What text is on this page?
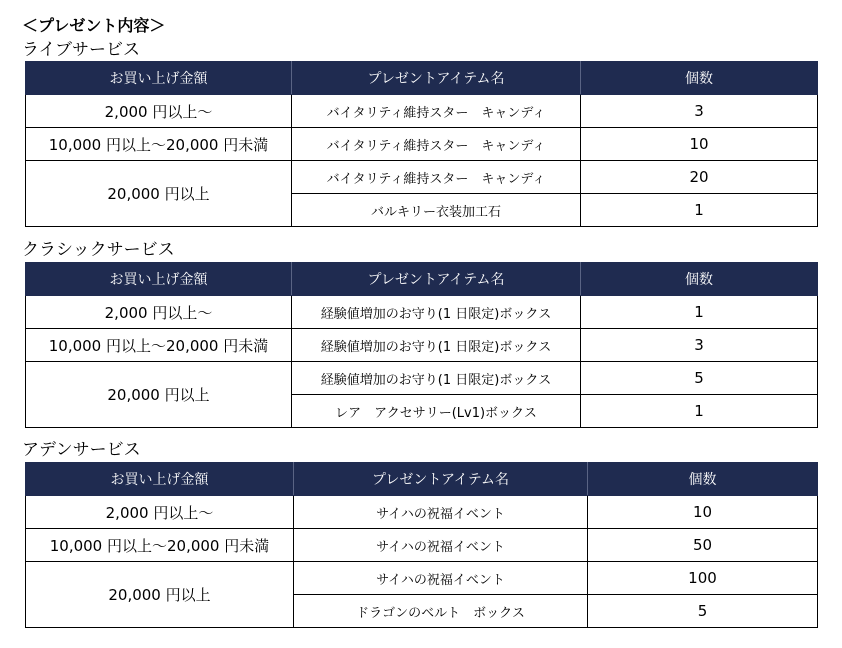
＜プレゼント内容＞
ライブサービス
お買い上げ金額	プレゼントアイテム名	個数
2,000 円以上～	バイタリティ維持スター　キャンディ	3
10,000 円以上～20,000 円未満	バイタリティ維持スター　キャンディ	10
20,000 円以上	バイタリティ維持スター　キャンディ	20
	バルキリー衣装加工石	1
クラシックサービス
お買い上げ金額	プレゼントアイテム名	個数
2,000 円以上～	経験値増加のお守り(1 日限定)ボックス	1
10,000 円以上～20,000 円未満	経験値増加のお守り(1 日限定)ボックス	3
20,000 円以上	経験値増加のお守り(1 日限定)ボックス	5
	レア　アクセサリー(Lv1)ボックス	1
アデンサービス
お買い上げ金額	プレゼントアイテム名	個数
2,000 円以上～	サイハの祝福イベント	10
10,000 円以上～20,000 円未満	サイハの祝福イベント	50
20,000 円以上	サイハの祝福イベント	100
	ドラゴンのベルト　ボックス	5
